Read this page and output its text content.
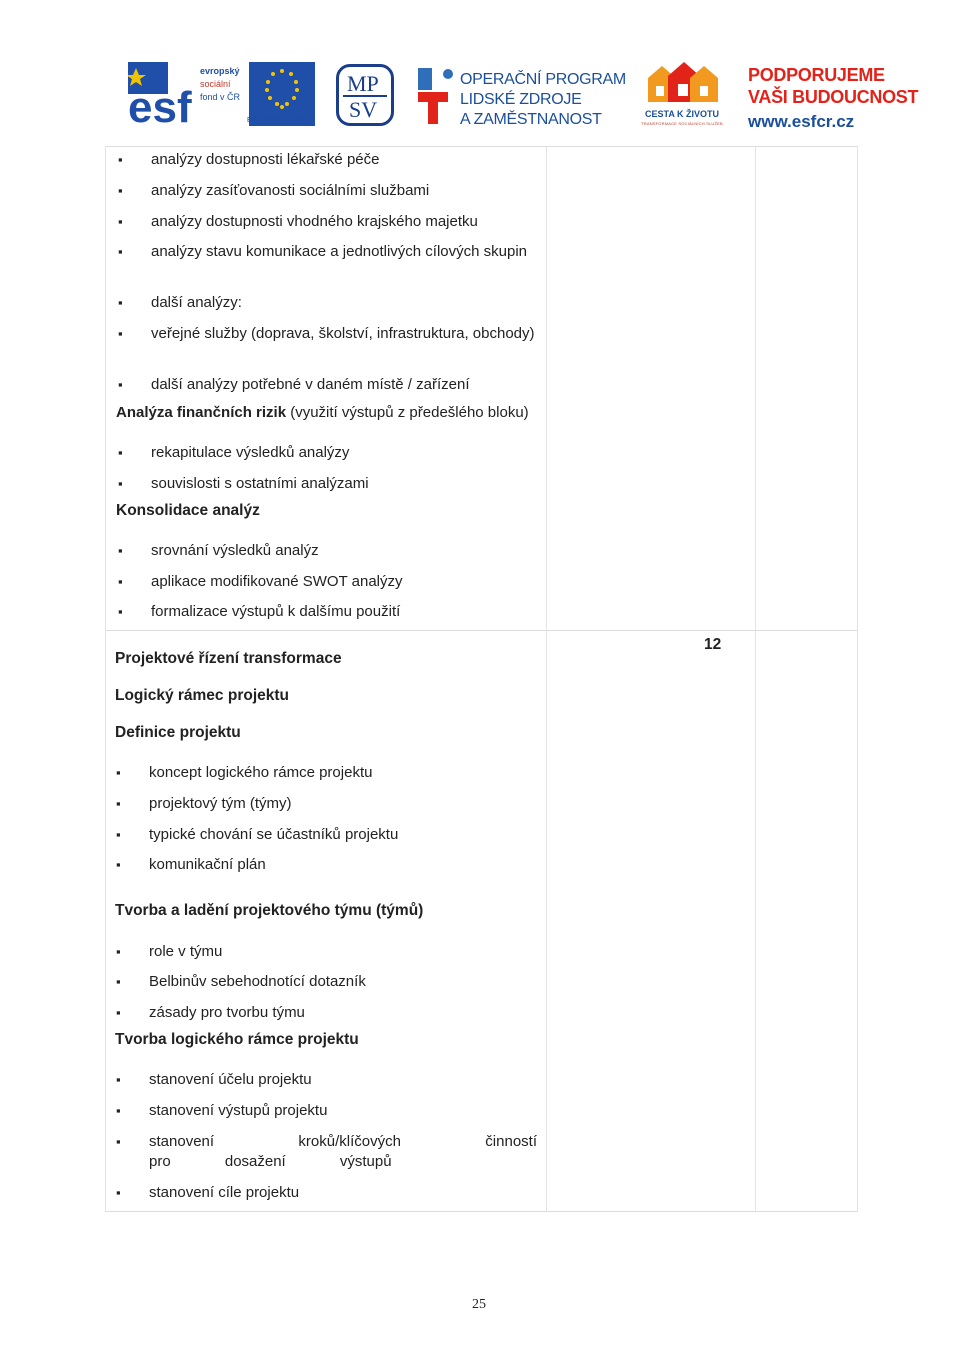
esf
evropský
sociální
fond v ČR
EVROPSKÁ UNIE
MP
SV
OPERAČNÍ PROGRAM
LIDSKÉ ZDROJE
A ZAMĚSTNANOST	CESTA K ŽIVOTU
TRANSFORMACE SOCIÁLNÍCH SLUŽEB
PODPORUJEME
VAŠI BUDOUCNOST
www.esfcr.cz
▪ analýzy dostupnosti lékařské péče
▪ analýzy zasíťovanosti sociálními službami
▪ analýzy dostupnosti vhodného krajského majetku
▪ analýzy stavu komunikace a jednotlivých cílových skupin
▪ další analýzy:
▪ veřejné služby (doprava, školství, infrastruktura, obchody)
▪ další analýzy potřebné v daném místě / zařízení
Analýza finančních rizik (využití výstupů z předešlého bloku)
▪ rekapitulace výsledků analýzy
▪ souvislosti s ostatními analýzami
Konsolidace analýz
▪ srovnání výsledků analýz
▪ aplikace modifikované SWOT analýzy
▪ formalizace výstupů k dalšímu použití
12
Projektové řízení transformace
Logický rámec projektu
Definice projektu
▪ koncept logického rámce projektu
▪ projektový tým (týmy)
▪ typické chování se účastníků projektu
▪ komunikační plán
Tvorba a ladění projektového týmu (týmů)
▪ role v týmu
▪ Belbinův sebehodnotící dotazník
▪ zásady pro tvorbu týmu
Tvorba logického rámce projektu
▪ stanovení účelu projektu
▪ stanovení výstupů projektu
▪ stanovení kroků/klíčových činností pro dosažení výstupů
▪ stanovení cíle projektu
25
